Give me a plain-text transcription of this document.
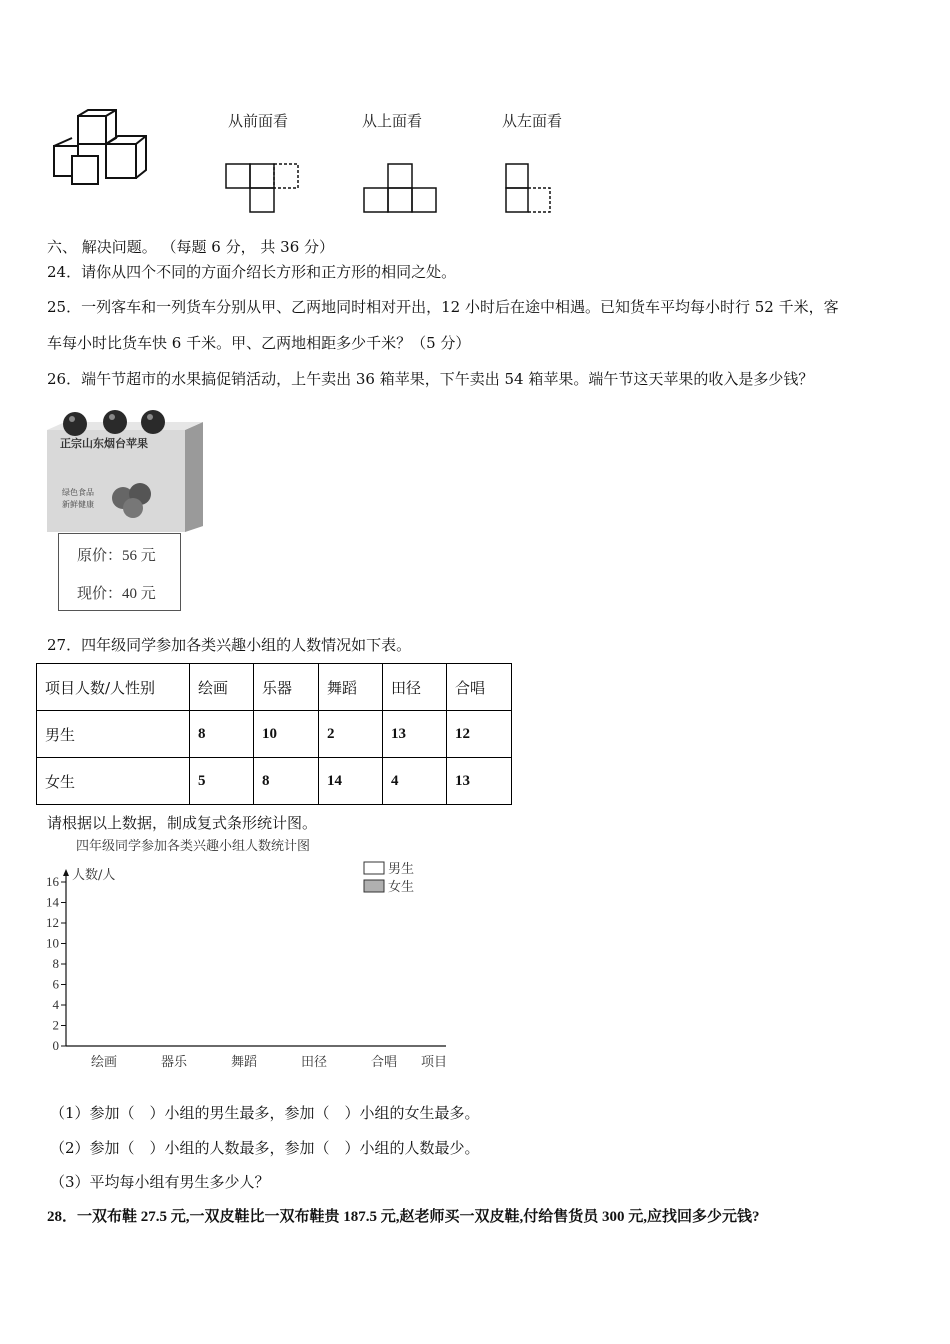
从前面看	从上面看	从左面看
六、 解决问题。 （每题 6 分， 共 36 分）
24．请你从四个不同的方面介绍长方形和正方形的相同之处。
25．一列客车和一列货车分别从甲、乙两地同时相对开出，12 小时后在途中相遇。已知货车平均每小时行 52 千米，客
车每小时比货车快 6 千米。甲、乙两地相距多少千米？（5 分）
26．端午节超市的水果搞促销活动，上午卖出 36 箱苹果，下午卖出 54 箱苹果。端午节这天苹果的收入是多少钱？
正宗山东烟台苹果
绿色食品
新鲜健康
原价：56 元
现价：40 元
27．四年级同学参加各类兴趣小组的人数情况如下表。
项目人数/人性别	绘画	乐器	舞蹈	田径	合唱
男生	8	10	2	13	12
女生	5	8	14	4	13
请根据以上数据，制成复式条形统计图。
四年级同学参加各类兴趣小组人数统计图
人数/人
0
2
4
6
8
10
12
14
16
绘画	器乐	舞蹈	田径	合唱 项目
男生
女生
（1）参加（　）小组的男生最多，参加（　）小组的女生最多。
（2）参加（　）小组的人数最多，参加（　）小组的人数最少。
（3）平均每小组有男生多少人？
28．一双布鞋 27.5 元,一双皮鞋比一双布鞋贵 187.5 元,赵老师买一双皮鞋,付给售货员 300 元,应找回多少元钱?
